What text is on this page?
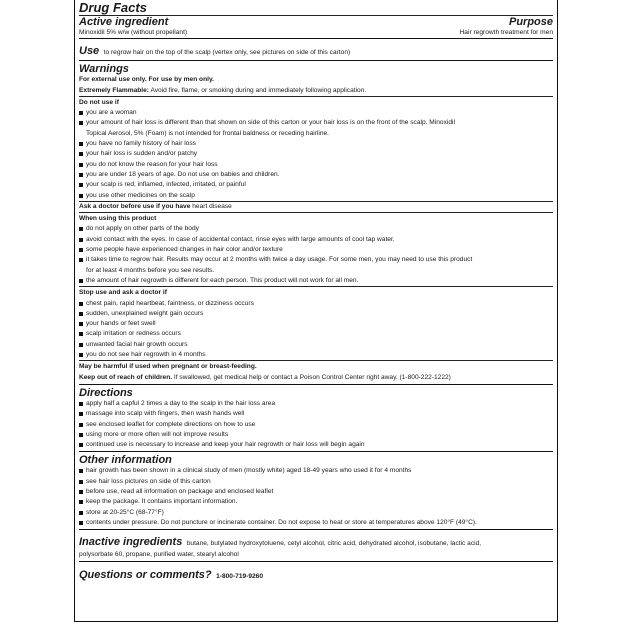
Drug Facts
Active ingredient	Purpose
Minoxidil 5% w/w (without propellant)	Hair regrowth treatment for men
Use to regrow hair on the top of the scalp (vertex only, see pictures on side of this carton)
Warnings
For external use only. For use by men only.
Extremely Flammable: Avoid fire, flame, or smoking during and immediately following application.
Do not use if
you are a woman
your amount of hair loss is different than that shown on side of this carton or your hair loss is on the front of the scalp. Minoxidil
Topical Aerosol, 5% (Foam) is not intended for frontal baldness or receding hairline.
you have no family history of hair loss
your hair loss is sudden and/or patchy
you do not know the reason for your hair loss
you are under 18 years of age. Do not use on babies and children.
your scalp is red, inflamed, infected, irritated, or painful
you use other medicines on the scalp
Ask a doctor before use if you have heart disease
When using this product
do not apply on other parts of the body
avoid contact with the eyes. In case of accidental contact, rinse eyes with large amounts of cool tap water.
some people have experienced changes in hair color and/or texture
it takes time to regrow hair. Results may occur at 2 months with twice a day usage. For some men, you may need to use this product
for at least 4 months before you see results.
the amount of hair regrowth is different for each person. This product will not work for all men.
Stop use and ask a doctor if
chest pain, rapid heartbeat, faintness, or dizziness occurs
sudden, unexplained weight gain occurs
your hands or feet swell
scalp irritation or redness occurs
unwanted facial hair growth occurs
you do not see hair regrowth in 4 months
May be harmful if used when pregnant or breast-feeding.
Keep out of reach of children. If swallowed, get medical help or contact a Poison Control Center right away. (1-800-222-1222)
Directions
apply half a capful 2 times a day to the scalp in the hair loss area
massage into scalp with fingers, then wash hands well
see enclosed leaflet for complete directions on how to use
using more or more often will not improve results
continued use is necessary to increase and keep your hair regrowth or hair loss will begin again
Other information
hair growth has been shown in a clinical study of men (mostly white) aged 18-49 years who used it for 4 months
see hair loss pictures on side of this carton
before use, read all information on package and enclosed leaflet
keep the package. It contains important information.
store at 20-25°C (68-77°F)
contents under pressure. Do not puncture or incinerate container. Do not expose to heat or store at temperatures above 120°F (49°C).
Inactive ingredients butane, butylated hydroxytoluene, cetyl alcohol, citric acid, dehydrated alcohol, isobutane, lactic acid,
polysorbate 60, propane, purified water, stearyl alcohol
Questions or comments? 1-800-719-9260
